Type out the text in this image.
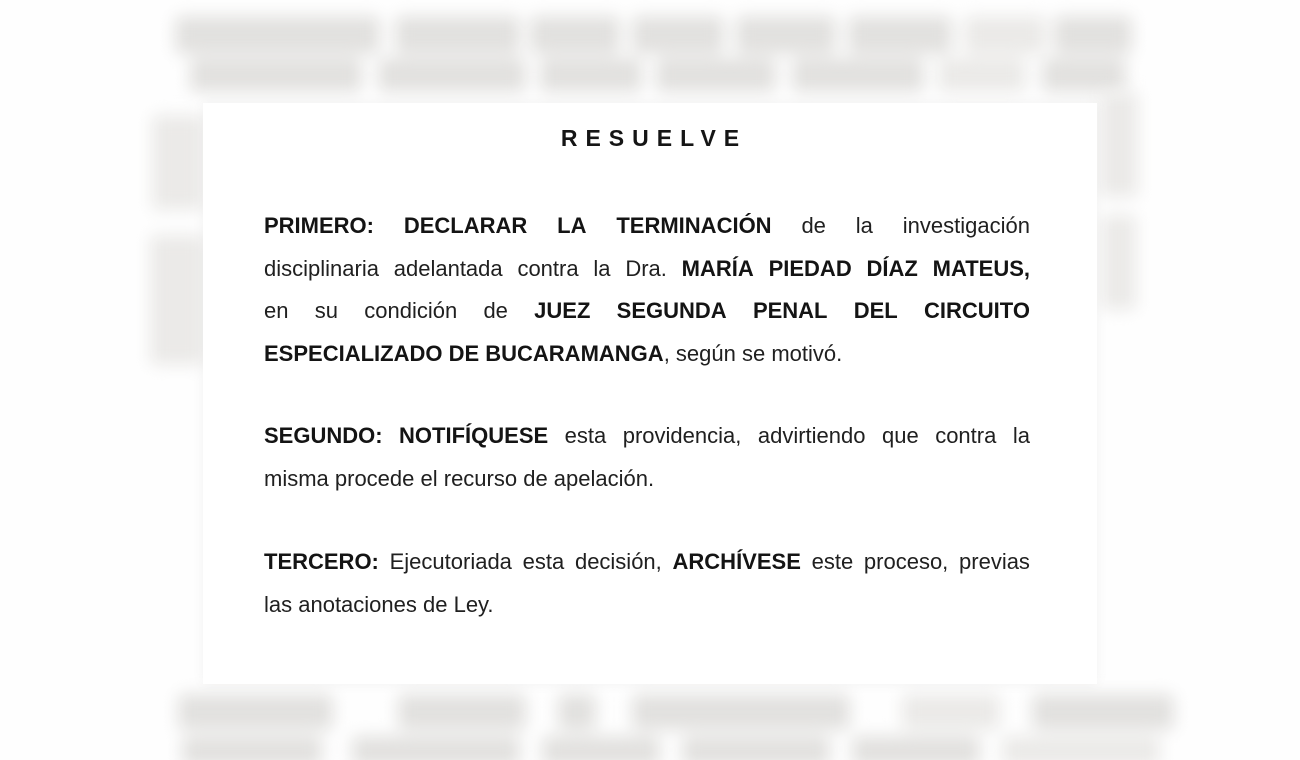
RESUELVE
PRIMERO: DECLARAR LA TERMINACIÓN de la investigación
disciplinaria adelantada contra la Dra. MARÍA PIEDAD DÍAZ MATEUS,
en su condición de JUEZ SEGUNDA PENAL DEL CIRCUITO
ESPECIALIZADO DE BUCARAMANGA, según se motivó.
SEGUNDO: NOTIFÍQUESE esta providencia, advirtiendo que contra la
misma procede el recurso de apelación.
TERCERO: Ejecutoriada esta decisión, ARCHÍVESE este proceso, previas
las anotaciones de Ley.
